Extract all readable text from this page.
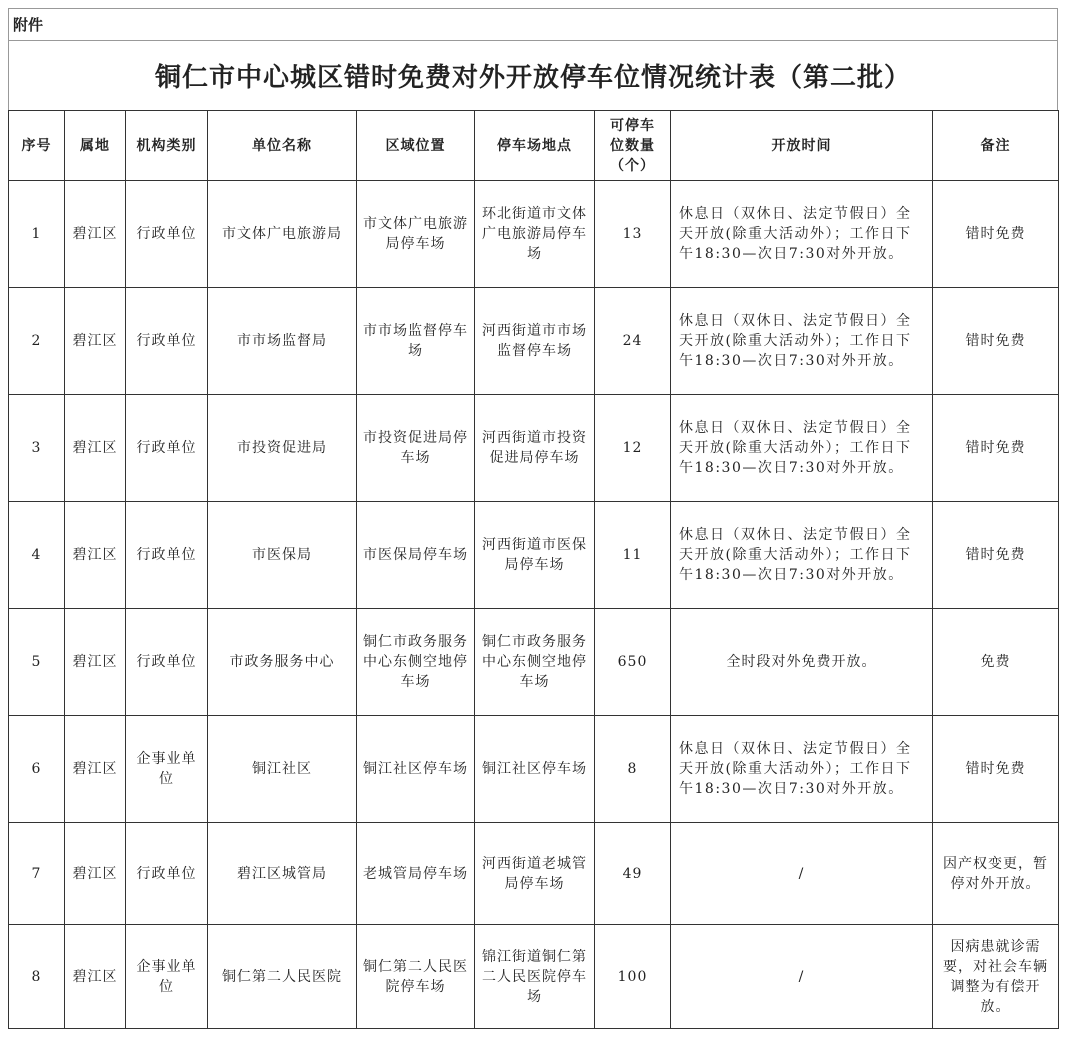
附件
铜仁市中心城区错时免费对外开放停车位情况统计表（第二批）
序号	属地	机构类别	单位名称	区域位置	停车场地点	可停车位数量（个）	开放时间	备注
1	碧江区	行政单位	市文体广电旅游局	市文体广电旅游局停车场	环北街道市文体广电旅游局停车场	13	休息日（双休日、法定节假日）全天开放(除重大活动外）；工作日下午18:30—次日7:30对外开放。	错时免费
2	碧江区	行政单位	市市场监督局	市市场监督停车场	河西街道市市场监督停车场	24	休息日（双休日、法定节假日）全天开放(除重大活动外）；工作日下午18:30—次日7:30对外开放。	错时免费
3	碧江区	行政单位	市投资促进局	市投资促进局停车场	河西街道市投资促进局停车场	12	休息日（双休日、法定节假日）全天开放(除重大活动外）；工作日下午18:30—次日7:30对外开放。	错时免费
4	碧江区	行政单位	市医保局	市医保局停车场	河西街道市医保局停车场	11	休息日（双休日、法定节假日）全天开放(除重大活动外）；工作日下午18:30—次日7:30对外开放。	错时免费
5	碧江区	行政单位	市政务服务中心	铜仁市政务服务中心东侧空地停车场	铜仁市政务服务中心东侧空地停车场	650	全时段对外免费开放。	免费
6	碧江区	企事业单位	铜江社区	铜江社区停车场	铜江社区停车场	8	休息日（双休日、法定节假日）全天开放(除重大活动外）；工作日下午18:30—次日7:30对外开放。	错时免费
7	碧江区	行政单位	碧江区城管局	老城管局停车场	河西街道老城管局停车场	49	/	因产权变更，暂停对外开放。
8	碧江区	企事业单位	铜仁第二人民医院	铜仁第二人民医院停车场	锦江街道铜仁第二人民医院停车场	100	/	因病患就诊需要，对社会车辆调整为有偿开放。
